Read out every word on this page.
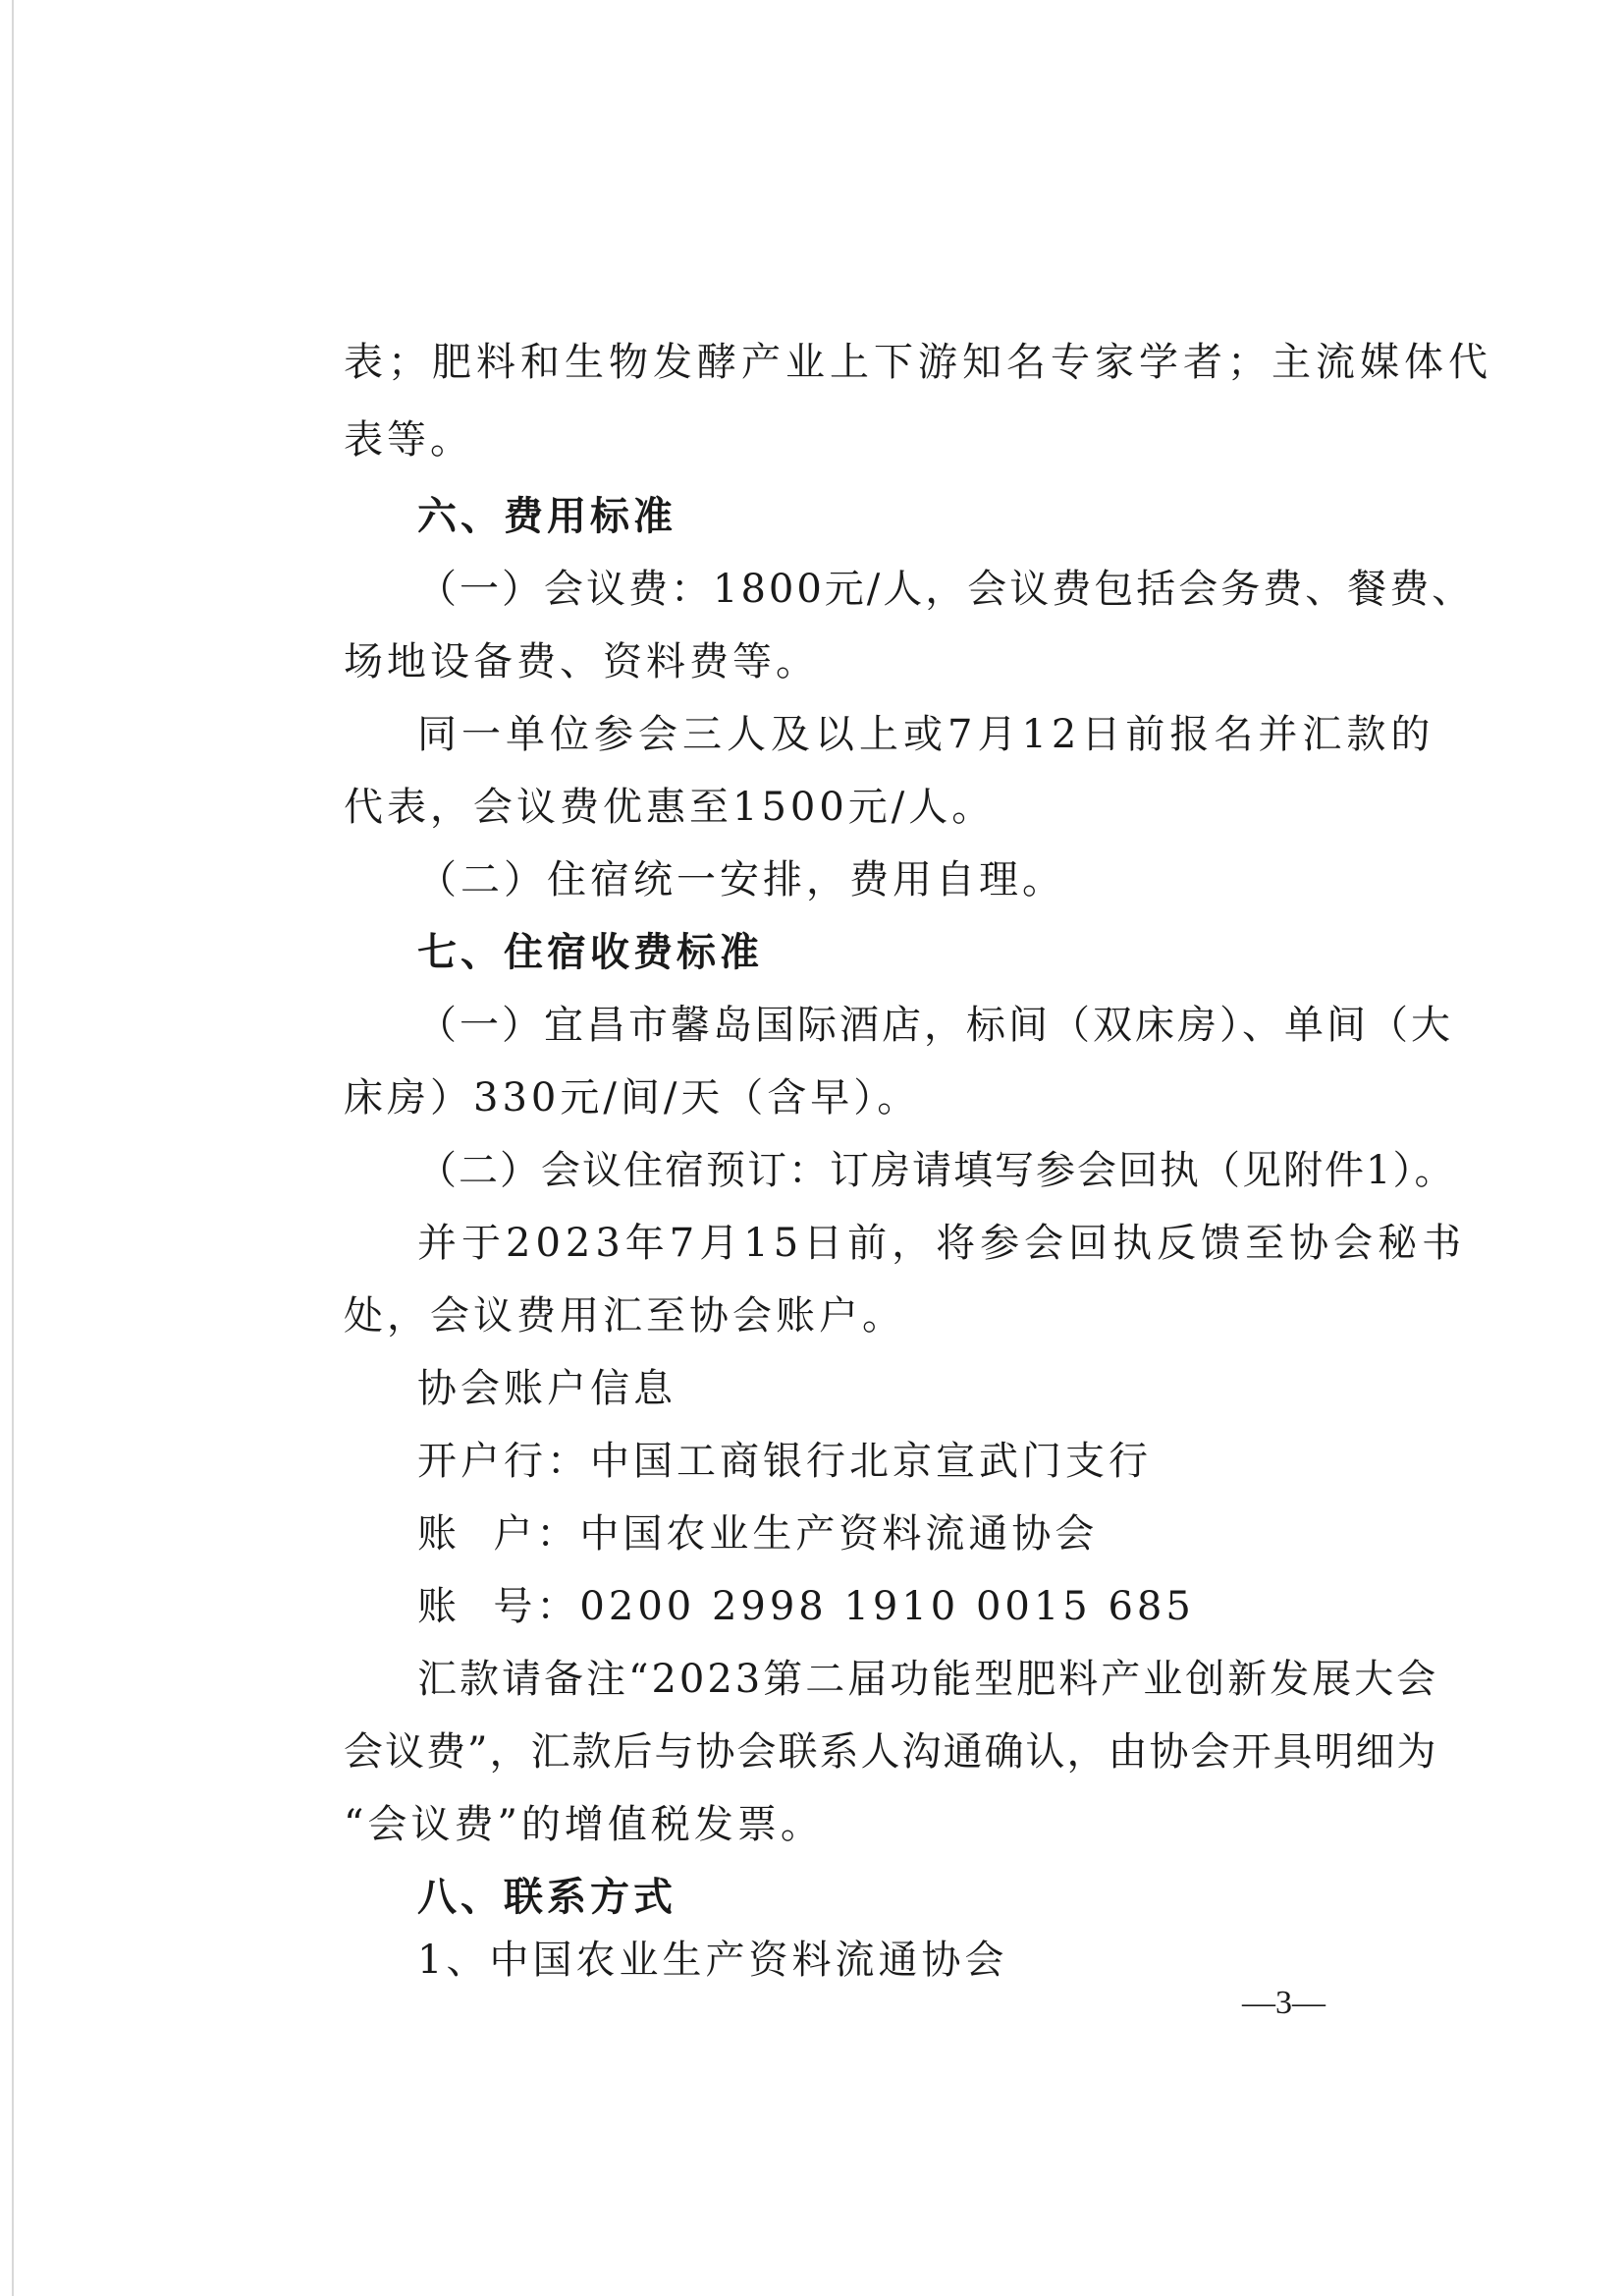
表；肥料和生物发酵产业上下游知名专家学者；主流媒体代
表等。
六、费用标准
（一）会议费：1800元/人，会议费包括会务费、餐费、
场地设备费、资料费等。
同一单位参会三人及以上或7月12日前报名并汇款的
代表，会议费优惠至1500元/人。
（二）住宿统一安排，费用自理。
七、住宿收费标准
（一）宜昌市馨岛国际酒店，标间（双床房）、单间（大
床房）330元/间/天（含早）。
（二）会议住宿预订：订房请填写参会回执（见附件1）。
并于2023年7月15日前，将参会回执反馈至协会秘书
处，会议费用汇至协会账户。
协会账户信息
开户行：中国工商银行北京宣武门支行
账  户：中国农业生产资料流通协会
账  号：0200 2998 1910 0015 685
汇款请备注“2023第二届功能型肥料产业创新发展大会
会议费”，汇款后与协会联系人沟通确认，由协会开具明细为
“会议费”的增值税发票。
八、联系方式
1、中国农业生产资料流通协会
—3—
